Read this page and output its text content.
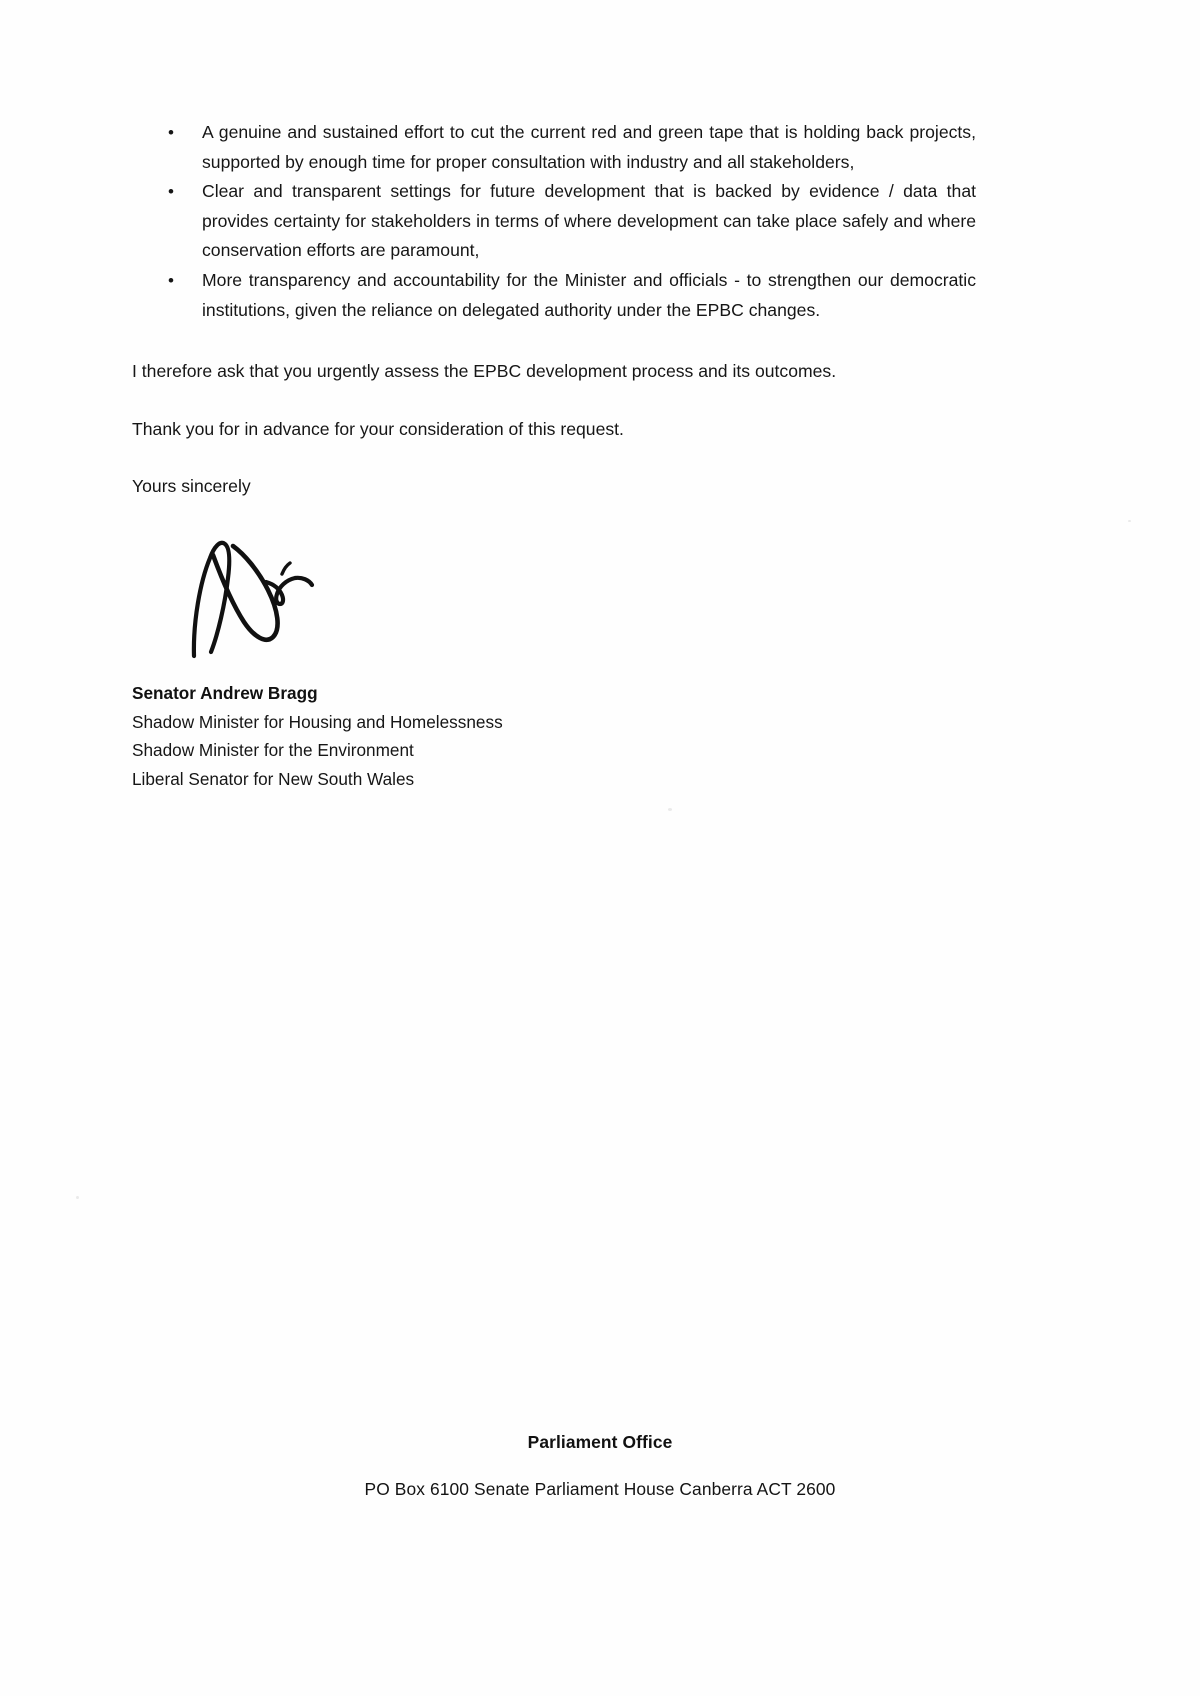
• A genuine and sustained effort to cut the current red and green tape that is holding back projects, supported by enough time for proper consultation with industry and all stakeholders,
• Clear and transparent settings for future development that is backed by evidence / data that provides certainty for stakeholders in terms of where development can take place safely and where conservation efforts are paramount,
• More transparency and accountability for the Minister and officials - to strengthen our democratic institutions, given the reliance on delegated authority under the EPBC changes.

I therefore ask that you urgently assess the EPBC development process and its outcomes.

Thank you for in advance for your consideration of this request.

Yours sincerely

Senator Andrew Bragg
Shadow Minister for Housing and Homelessness
Shadow Minister for the Environment
Liberal Senator for New South Wales
Parliament Office
PO Box 6100 Senate Parliament House Canberra ACT 2600
